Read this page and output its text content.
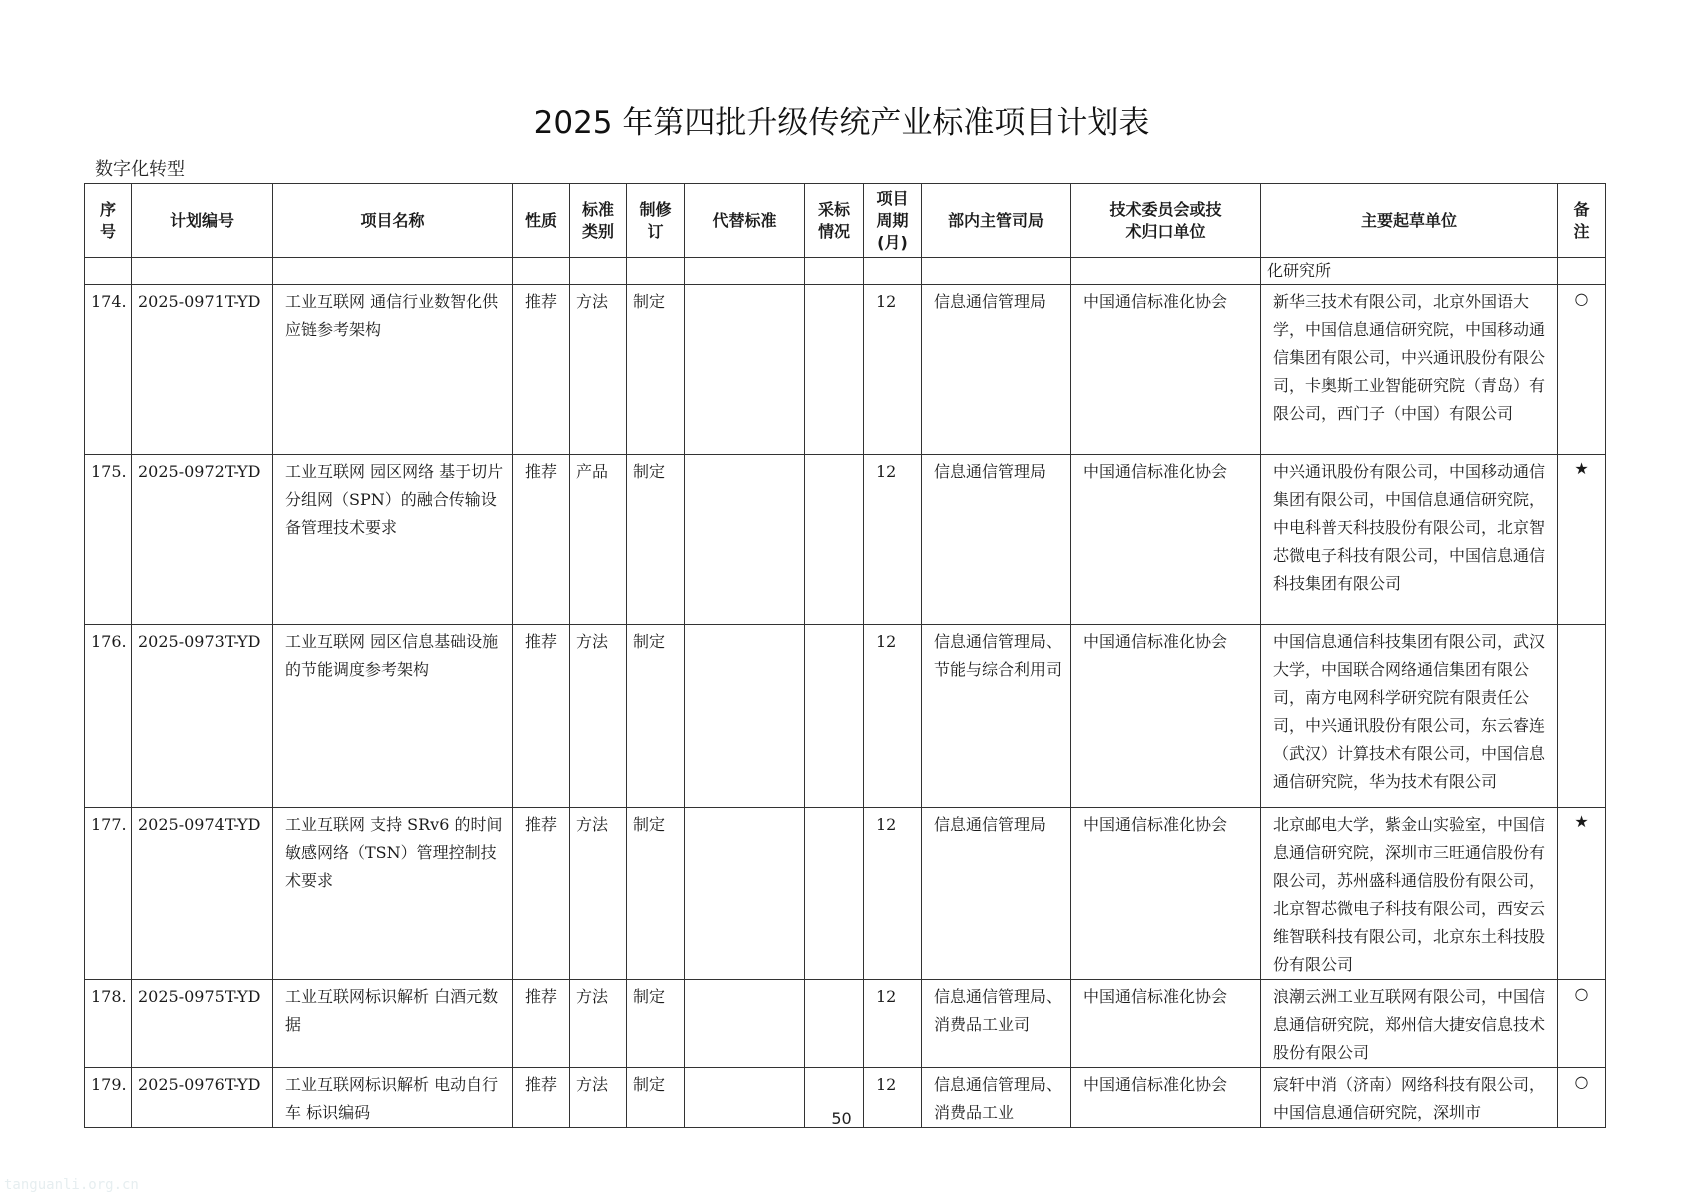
2025 年第四批升级传统产业标准项目计划表
数字化转型
序号	计划编号	项目名称	性质	标准类别	制修订	代替标准	采标情况	项目周期(月)	部内主管司局	技术委员会或技术归口单位	主要起草单位	备注

											化研究所	
174.	2025-0971T-YD	工业互联网 通信行业数智化供应链参考架构	推荐	方法	制定			12	信息通信管理局	中国通信标准化协会	新华三技术有限公司，北京外国语大学，中国信息通信研究院，中国移动通信集团有限公司，中兴通讯股份有限公司，卡奥斯工业智能研究院（青岛）有限公司，西门子（中国）有限公司	○
175.	2025-0972T-YD	工业互联网 园区网络 基于切片分组网（SPN）的融合传输设备管理技术要求	推荐	产品	制定			12	信息通信管理局	中国通信标准化协会	中兴通讯股份有限公司，中国移动通信集团有限公司，中国信息通信研究院，中电科普天科技股份有限公司，北京智芯微电子科技有限公司，中国信息通信科技集团有限公司	★
176.	2025-0973T-YD	工业互联网 园区信息基础设施的节能调度参考架构	推荐	方法	制定			12	信息通信管理局、节能与综合利用司	中国通信标准化协会	中国信息通信科技集团有限公司，武汉大学，中国联合网络通信集团有限公司，南方电网科学研究院有限责任公司，中兴通讯股份有限公司，东云睿连（武汉）计算技术有限公司，中国信息通信研究院，华为技术有限公司	
177.	2025-0974T-YD	工业互联网 支持 SRv6 的时间敏感网络（TSN）管理控制技术要求	推荐	方法	制定			12	信息通信管理局	中国通信标准化协会	北京邮电大学，紫金山实验室，中国信息通信研究院，深圳市三旺通信股份有限公司，苏州盛科通信股份有限公司，北京智芯微电子科技有限公司，西安云维智联科技有限公司，北京东土科技股份有限公司	★
178.	2025-0975T-YD	工业互联网标识解析 白酒元数据	推荐	方法	制定			12	信息通信管理局、消费品工业司	中国通信标准化协会	浪潮云洲工业互联网有限公司，中国信息通信研究院，郑州信大捷安信息技术股份有限公司	○
179.	2025-0976T-YD	工业互联网标识解析 电动自行车 标识编码	推荐	方法	制定			12	信息通信管理局、消费品工业	中国通信标准化协会	宸轩中消（济南）网络科技有限公司，中国信息通信研究院，深圳市	○
50
tanguanli.org.cn
